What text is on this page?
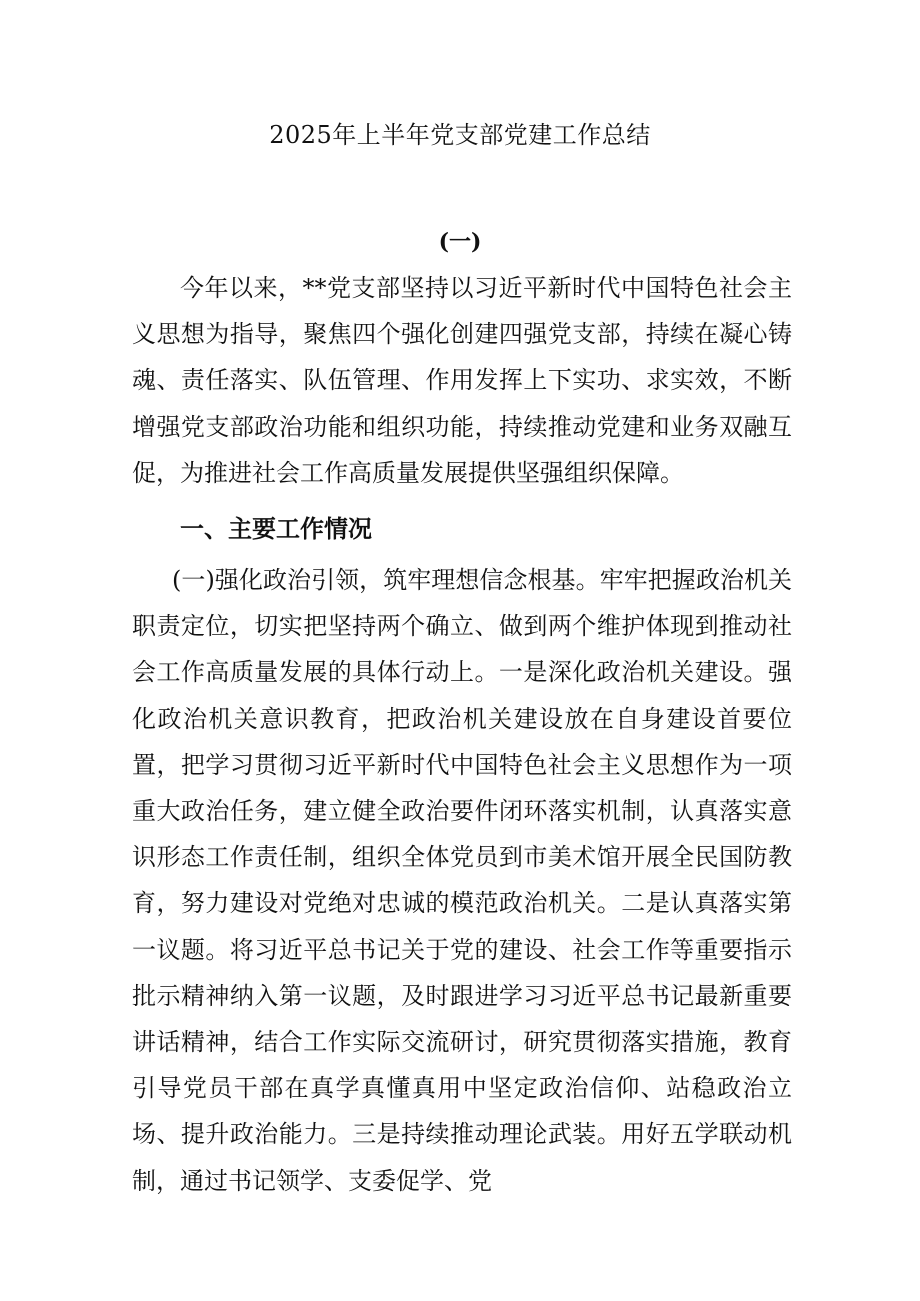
2025年上半年党支部党建工作总结
(一)

今年以来，**党支部坚持以习近平新时代中国特色社会主义思想为指导，聚焦四个强化创建四强党支部，持续在凝心铸魂、责任落实、队伍管理、作用发挥上下实功、求实效，不断增强党支部政治功能和组织功能，持续推动党建和业务双融互促，为推进社会工作高质量发展提供坚强组织保障。

一、主要工作情况

(一)强化政治引领，筑牢理想信念根基。牢牢把握政治机关职责定位，切实把坚持两个确立、做到两个维护体现到推动社会工作高质量发展的具体行动上。一是深化政治机关建设。强化政治机关意识教育，把政治机关建设放在自身建设首要位置，把学习贯彻习近平新时代中国特色社会主义思想作为一项重大政治任务，建立健全政治要件闭环落实机制，认真落实意识形态工作责任制，组织全体党员到市美术馆开展全民国防教育，努力建设对党绝对忠诚的模范政治机关。二是认真落实第一议题。将习近平总书记关于党的建设、社会工作等重要指示批示精神纳入第一议题，及时跟进学习习近平总书记最新重要讲话精神，结合工作实际交流研讨，研究贯彻落实措施，教育引导党员干部在真学真懂真用中坚定政治信仰、站稳政治立场、提升政治能力。三是持续推动理论武装。用好五学联动机制，通过书记领学、支委促学、党
